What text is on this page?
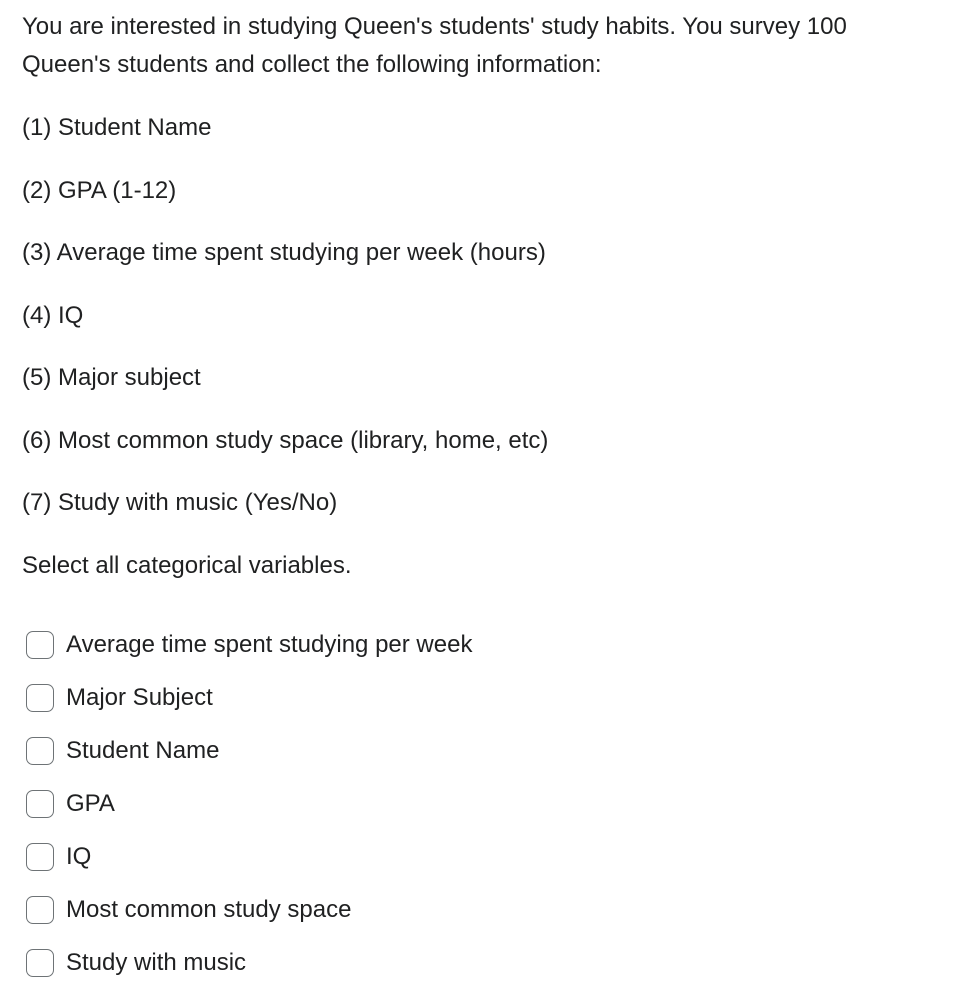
You are interested in studying Queen's students' study habits. You survey 100 Queen's students and collect the following information:

(1) Student Name

(2) GPA (1-12)

(3) Average time spent studying per week (hours)

(4) IQ

(5) Major subject

(6) Most common study space (library, home, etc)

(7) Study with music (Yes/No)

Select all categorical variables.

Average time spent studying per week
Major Subject
Student Name
GPA
IQ
Most common study space
Study with music
